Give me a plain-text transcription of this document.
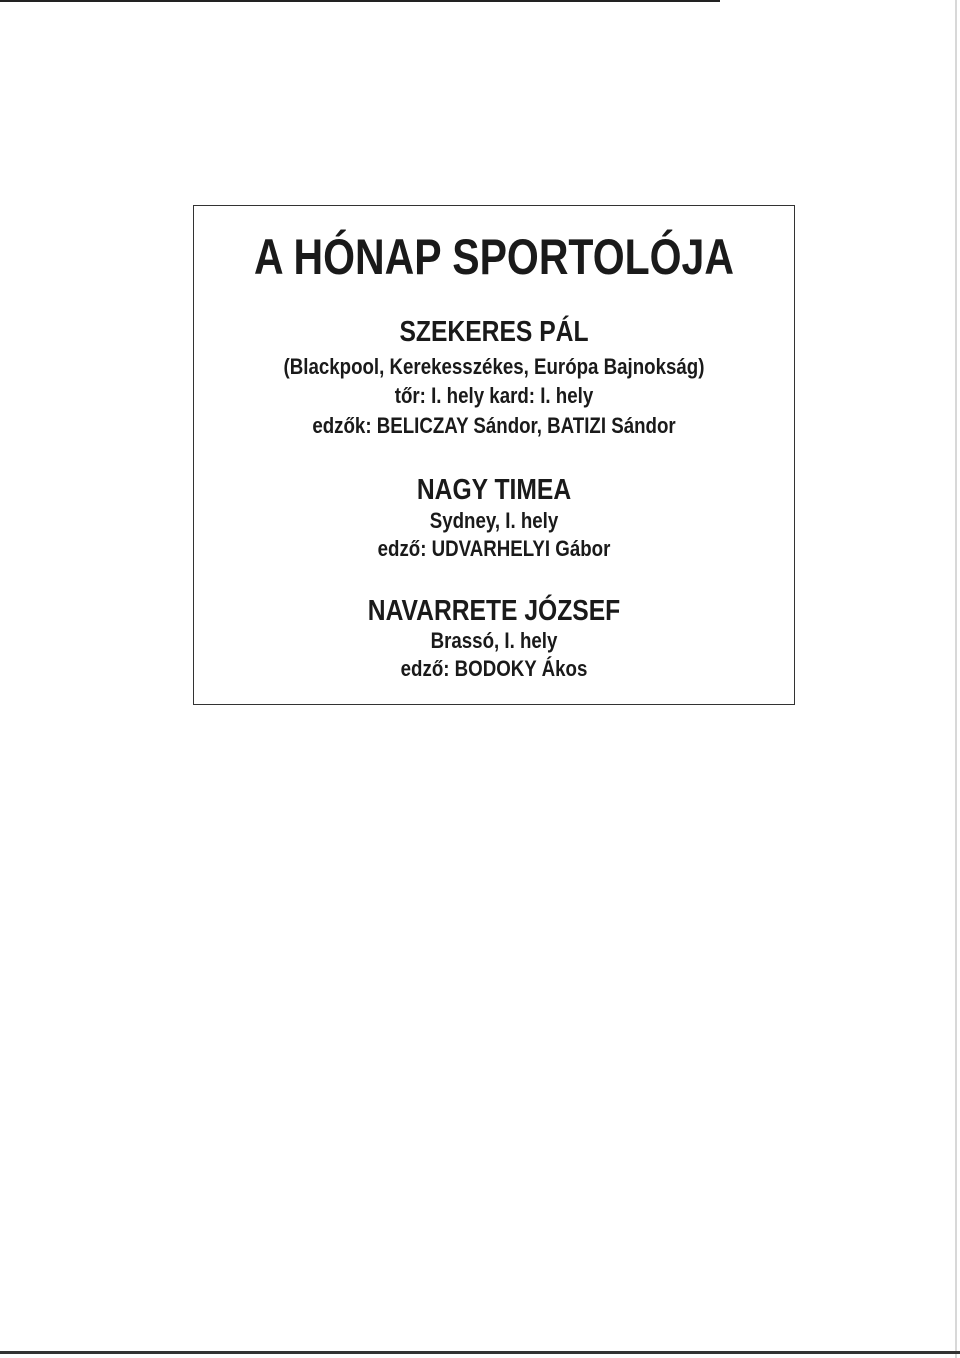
A HÓNAP SPORTOLÓJA
SZEKERES PÁL
(Blackpool, Kerekesszékes, Európa Bajnokság)
tőr: I. hely kard: I. hely
edzők: BELICZAY Sándor, BATIZI Sándor
NAGY TIMEA
Sydney, I. hely
edző: UDVARHELYI Gábor
NAVARRETE JÓZSEF
Brassó, I. hely
edző: BODOKY Ákos
